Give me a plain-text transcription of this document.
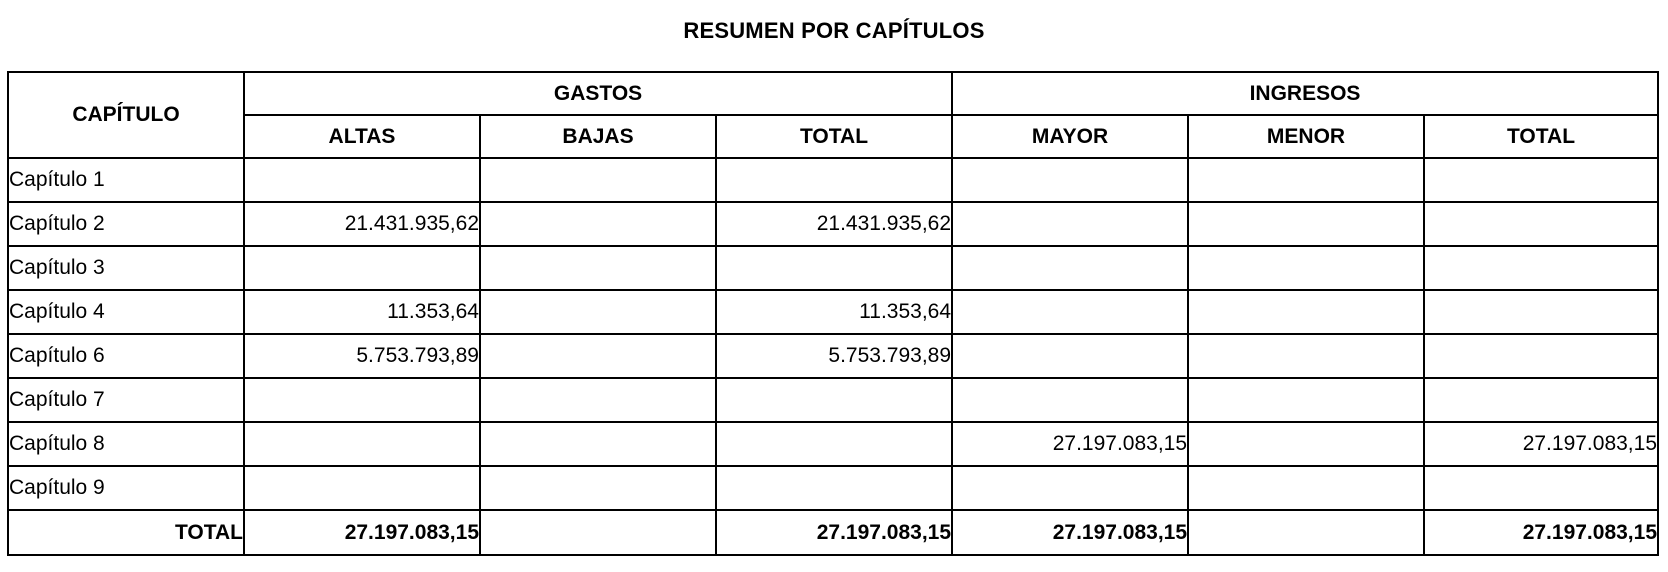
RESUMEN POR CAPÍTULOS
CAPÍTULO	GASTOS			INGRESOS		
	ALTAS	BAJAS	TOTAL	MAYOR	MENOR	TOTAL
Capítulo 1						
Capítulo 2	21.431.935,62		21.431.935,62			
Capítulo 3						
Capítulo 4	11.353,64		11.353,64			
Capítulo 6	5.753.793,89		5.753.793,89			
Capítulo 7						
Capítulo 8				27.197.083,15		27.197.083,15
Capítulo 9						
TOTAL	27.197.083,15		27.197.083,15	27.197.083,15		27.197.083,15
